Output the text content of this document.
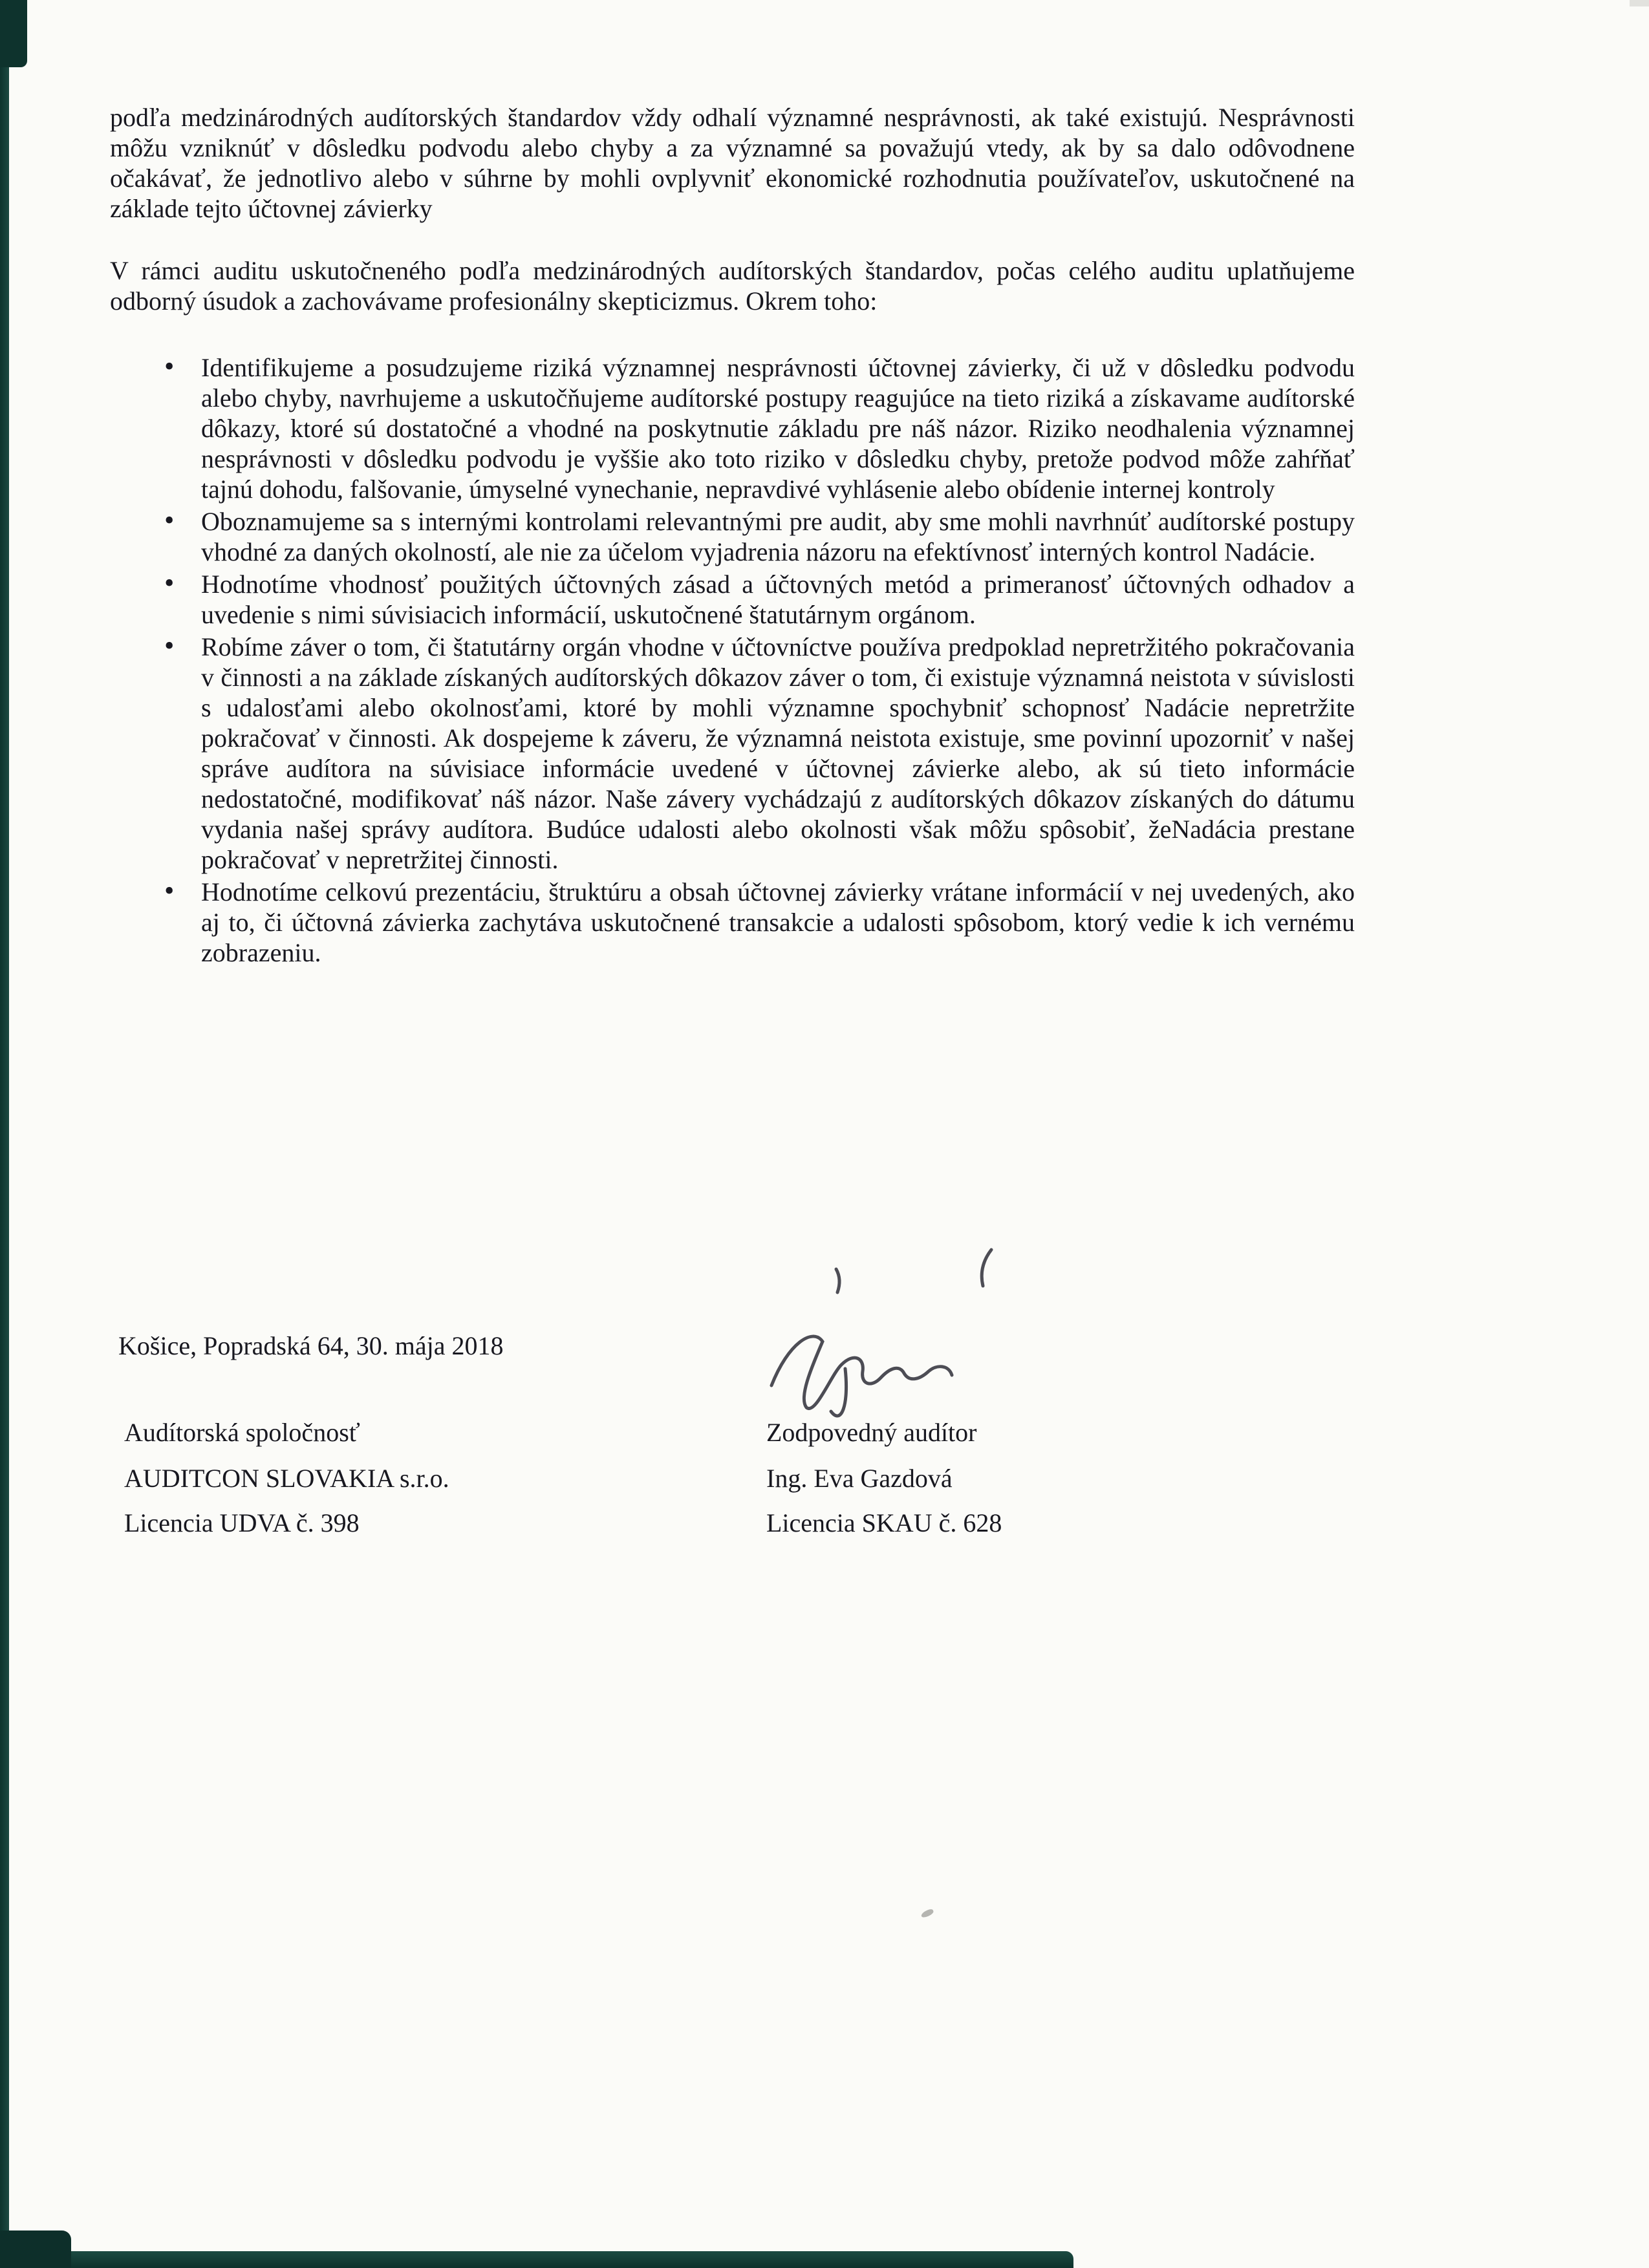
podľa medzinárodných audítorských štandardov vždy odhalí významné nesprávnosti, ak také existujú. Nesprávnosti môžu vzniknúť v dôsledku podvodu alebo chyby a za významné sa považujú vtedy, ak by sa dalo odôvodnene očakávať, že jednotlivo alebo v súhrne by mohli ovplyvniť ekonomické rozhodnutia používateľov, uskutočnené na základe tejto účtovnej závierky

V rámci auditu uskutočneného podľa medzinárodných audítorských štandardov, počas celého auditu uplatňujeme odborný úsudok a zachovávame profesionálny skepticizmus. Okrem toho:

• Identifikujeme a posudzujeme riziká významnej nesprávnosti účtovnej závierky, či už v dôsledku podvodu alebo chyby, navrhujeme a uskutočňujeme audítorské postupy reagujúce na tieto riziká a získavame audítorské dôkazy, ktoré sú dostatočné a vhodné na poskytnutie základu pre náš názor. Riziko neodhalenia významnej nesprávnosti v dôsledku podvodu je vyššie ako toto riziko v dôsledku chyby, pretože podvod môže zahŕňať tajnú dohodu, falšovanie, úmyselné vynechanie, nepravdivé vyhlásenie alebo obídenie internej kontroly
• Oboznamujeme sa s internými kontrolami relevantnými pre audit, aby sme mohli navrhnúť audítorské postupy vhodné za daných okolností, ale nie za účelom vyjadrenia názoru na efektívnosť interných kontrol Nadácie.
• Hodnotíme vhodnosť použitých účtovných zásad a účtovných metód a primeranosť účtovných odhadov a uvedenie s nimi súvisiacich informácií, uskutočnené štatutárnym orgánom.
• Robíme záver o tom, či štatutárny orgán vhodne v účtovníctve používa predpoklad nepretržitého pokračovania v činnosti a na základe získaných audítorských dôkazov záver o tom, či existuje významná neistota v súvislosti s udalosťami alebo okolnosťami, ktoré by mohli významne spochybniť schopnosť Nadácie nepretržite pokračovať v činnosti. Ak dospejeme k záveru, že významná neistota existuje, sme povinní upozorniť v našej správe audítora na súvisiace informácie uvedené v účtovnej závierke alebo, ak sú tieto informácie nedostatočné, modifikovať náš názor. Naše závery vychádzajú z audítorských dôkazov získaných do dátumu vydania našej správy audítora. Budúce udalosti alebo okolnosti však môžu spôsobiť, žeNadácia prestane pokračovať v nepretržitej činnosti.
• Hodnotíme celkovú prezentáciu, štruktúru a obsah účtovnej závierky vrátane informácií v nej uvedených, ako aj to, či účtovná závierka zachytáva uskutočnené transakcie a udalosti spôsobom, ktorý vedie k ich vernému zobrazeniu.
Košice, Popradská 64, 30. mája 2018
Audítorská spoločnosť
AUDITCON SLOVAKIA s.r.o.
Licencia UDVA č. 398
Zodpovedný audítor
Ing. Eva Gazdová
Licencia SKAU č. 628
